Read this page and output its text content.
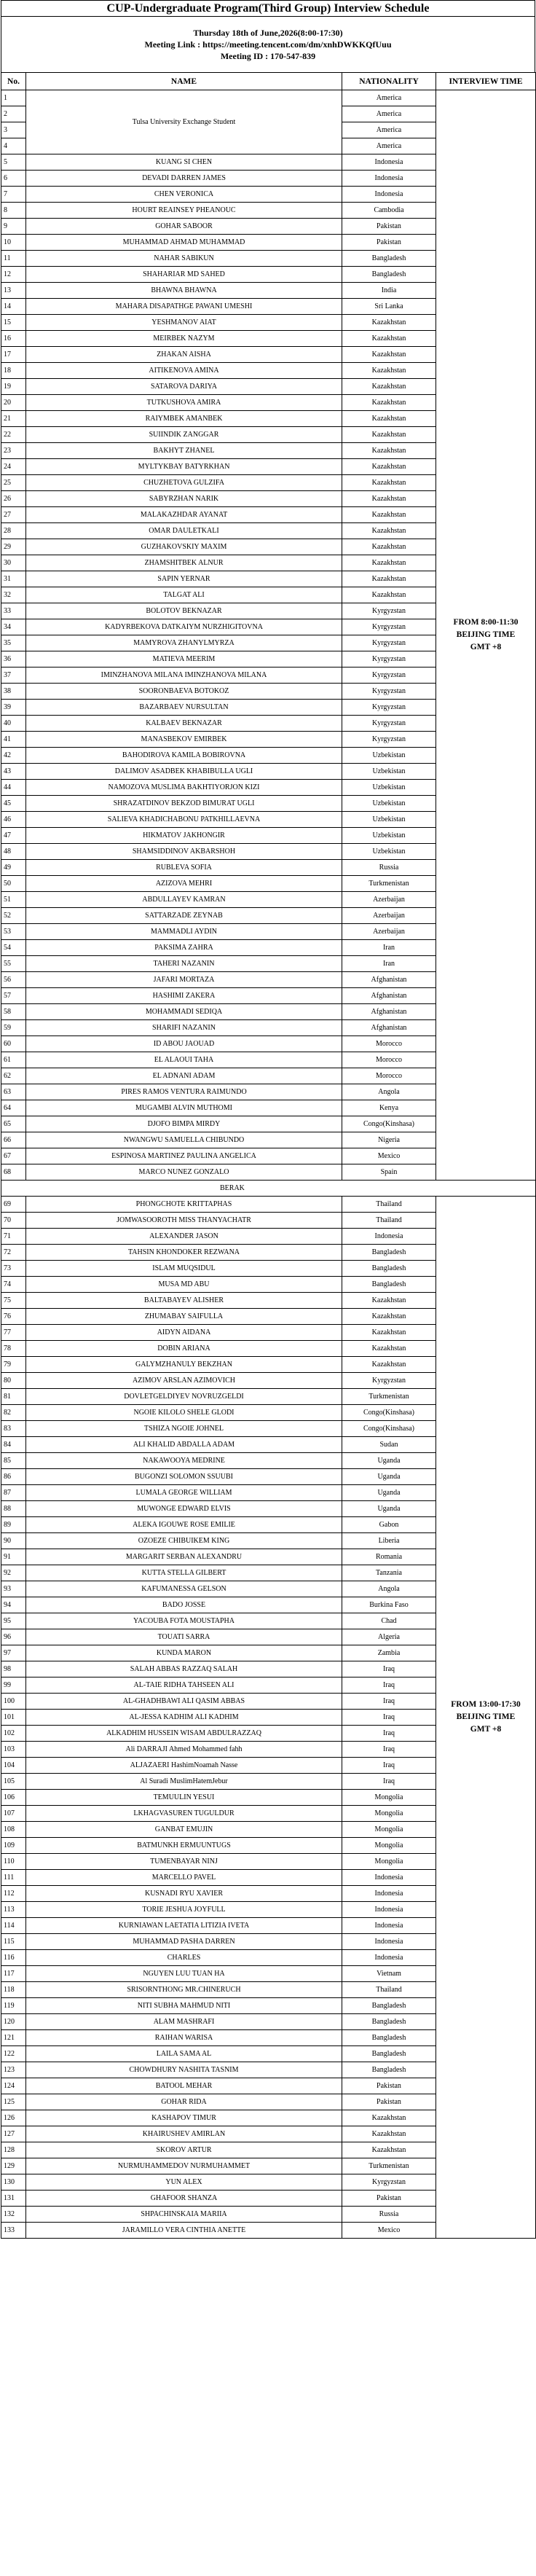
CUP-Undergraduate Program(Third Group) Interview Schedule
Thursday 18th of June,2026(8:00-17:30)
Meeting Link : https://meeting.tencent.com/dm/xnhDWKKQfUuu
Meeting ID : 170-547-839
No.	NAME	NATIONALITY	INTERVIEW TIME
1	Tulsa University Exchange Student	America	FROM 8:00-11:30
BEIJING TIME
GMT +8

2		America	
3		America	
4		America	
5	KUANG SI CHEN	Indonesia	
6	DEVADI DARREN JAMES	Indonesia	
7	CHEN VERONICA	Indonesia	
8	HOURT REAINSEY PHEANOUC	Cambodia	
9	GOHAR SABOOR	Pakistan	
10	MUHAMMAD AHMAD MUHAMMAD	Pakistan	
11	NAHAR SABIKUN	Bangladesh	
12	SHAHARIAR MD SAHED	Bangladesh	
13	BHAWNA BHAWNA	India	
14	MAHARA DISAPATHGE PAWANI UMESHI	Sri Lanka	
15	YESHMANOV AIAT	Kazakhstan	
16	MEIRBEK NAZYM	Kazakhstan	
17	ZHAKAN AISHA	Kazakhstan	
18	AITIKENOVA AMINA	Kazakhstan	
19	SATAROVA DARIYA	Kazakhstan	
20	TUTKUSHOVA AMIRA	Kazakhstan	
21	RAIYMBEK AMANBEK	Kazakhstan	
22	SUIINDIK ZANGGAR	Kazakhstan	
23	BAKHYT ZHANEL	Kazakhstan	
24	MYLTYKBAY BATYRKHAN	Kazakhstan	
25	CHUZHETOVA GULZIFA	Kazakhstan	
26	SABYRZHAN NARIK	Kazakhstan	
27	MALAKAZHDAR AYANAT	Kazakhstan	
28	OMAR DAULETKALI	Kazakhstan	
29	GUZHAKOVSKIY MAXIM	Kazakhstan	
30	ZHAMSHITBEK ALNUR	Kazakhstan	
31	SAPIN YERNAR	Kazakhstan	
32	TALGAT ALI	Kazakhstan	
33	BOLOTOV BEKNAZAR	Kyrgyzstan	
34	KADYRBEKOVA DATKAIYM NURZHIGITOVNA	Kyrgyzstan	
35	MAMYROVA ZHANYLMYRZA	Kyrgyzstan	
36	MATIEVA MEERIM	Kyrgyzstan	
37	IMINZHANOVA MILANA IMINZHANOVA MILANA	Kyrgyzstan	
38	SOORONBAEVA BOTOKOZ	Kyrgyzstan	
39	BAZARBAEV NURSULTAN	Kyrgyzstan	
40	KALBAEV BEKNAZAR	Kyrgyzstan	
41	MANASBEKOV EMIRBEK	Kyrgyzstan	
42	BAHODIROVA KAMILA BOBIROVNA	Uzbekistan	
43	DALIMOV ASADBEK KHABIBULLA UGLI	Uzbekistan	
44	NAMOZOVA MUSLIMA BAKHTIYORJON KIZI	Uzbekistan	
45	SHRAZATDINOV BEKZOD BIMURAT UGLI	Uzbekistan	
46	SALIEVA KHADICHABONU PATKHILLAEVNA	Uzbekistan	
47	HIKMATOV JAKHONGIR	Uzbekistan	
48	SHAMSIDDINOV AKBARSHOH	Uzbekistan	
49	RUBLEVA SOFIA	Russia	
50	AZIZOVA MEHRI	Turkmenistan	
51	ABDULLAYEV KAMRAN	Azerbaijan	
52	SATTARZADE ZEYNAB	Azerbaijan	
53	MAMMADLI AYDIN	Azerbaijan	
54	PAKSIMA ZAHRA	Iran	
55	TAHERI NAZANIN	Iran	
56	JAFARI MORTAZA	Afghanistan	
57	HASHIMI ZAKERA	Afghanistan	
58	MOHAMMADI SEDIQA	Afghanistan	
59	SHARIFI NAZANIN	Afghanistan	
60	ID ABOU JAOUAD	Morocco	
61	EL ALAOUI TAHA	Morocco	
62	EL ADNANI ADAM	Morocco	
63	PIRES RAMOS VENTURA RAIMUNDO	Angola	
64	MUGAMBI ALVIN MUTHOMI	Kenya	
65	DJOFO BIMPA MIRDY	Congo(Kinshasa)	
66	NWANGWU SAMUELLA CHIBUNDO	Nigeria	
67	ESPINOSA MARTINEZ PAULINA ANGELICA	Mexico	
68	MARCO NUNEZ GONZALO	Spain	
BERAK			
69	PHONGCHOTE KRITTAPHAS	Thailand	FROM 13:00-17:30
BEIJING TIME
GMT +8

70	JOMWASOOROTH MISS THANYACHATR	Thailand	
71	ALEXANDER JASON	Indonesia	
72	TAHSIN KHONDOKER REZWANA	Bangladesh	
73	ISLAM MUQSIDUL	Bangladesh	
74	MUSA MD ABU	Bangladesh	
75	BALTABAYEV ALISHER	Kazakhstan	
76	ZHUMABAY SAIFULLA	Kazakhstan	
77	AIDYN AIDANA	Kazakhstan	
78	DOBIN ARIANA	Kazakhstan	
79	GALYMZHANULY BEKZHAN	Kazakhstan	
80	AZIMOV ARSLAN AZIMOVICH	Kyrgyzstan	
81	DOVLETGELDIYEV NOVRUZGELDI	Turkmenistan	
82	NGOIE KILOLO SHELE GLODI	Congo(Kinshasa)	
83	TSHIZA NGOIE JOHNEL	Congo(Kinshasa)	
84	ALI KHALID ABDALLA ADAM	Sudan	
85	NAKAWOOYA MEDRINE	Uganda	
86	BUGONZI SOLOMON SSUUBI	Uganda	
87	LUMALA GEORGE WILLIAM	Uganda	
88	MUWONGE EDWARD ELVIS	Uganda	
89	ALEKA IGOUWE ROSE EMILIE	Gabon	
90	OZOEZE CHIBUIKEM KING	Liberia	
91	MARGARIT SERBAN ALEXANDRU	Romania	
92	KUTTA STELLA GILBERT	Tanzania	
93	KAFUMANESSA GELSON	Angola	
94	BADO JOSSE	Burkina Faso	
95	YACOUBA FOTA MOUSTAPHA	Chad	
96	TOUATI SARRA	Algeria	
97	KUNDA MARON	Zambia	
98	SALAH ABBAS RAZZAQ SALAH	Iraq	
99	AL-TAIE RIDHA TAHSEEN ALI	Iraq	
100	AL-GHADHBAWI ALI QASIM ABBAS	Iraq	
101	AL-JESSA KADHIM ALI KADHIM	Iraq	
102	ALKADHIM HUSSEIN WISAM ABDULRAZZAQ	Iraq	
103	Ali DARRAJI Ahmed Mohammed fahh	Iraq	
104	ALJAZAERI HashimNoamah Nasse	Iraq	
105	Al Suradi MuslimHatemJebur	Iraq	
106	TEMUULIN YESUI	Mongolia	
107	LKHAGVASUREN TUGULDUR	Mongolia	
108	GANBAT EMUJIN	Mongolia	
109	BATMUNKH ERMUUNTUGS	Mongolia	
110	TUMENBAYAR NINJ	Mongolia	
111	MARCELLO PAVEL	Indonesia	
112	KUSNADI RYU XAVIER	Indonesia	
113	TORIE JESHUA JOYFULL	Indonesia	
114	KURNIAWAN LAETATIA LITIZIA IVETA	Indonesia	
115	MUHAMMAD PASHA DARREN	Indonesia	
116	CHARLES	Indonesia	
117	NGUYEN LUU TUAN HA	Vietnam	
118	SRISORNTHONG MR.CHINERUCH	Thailand	
119	NITI SUBHA MAHMUD NITI	Bangladesh	
120	ALAM MASHRAFI	Bangladesh	
121	RAIHAN WARISA	Bangladesh	
122	LAILA SAMA AL	Bangladesh	
123	CHOWDHURY NASHITA TASNIM	Bangladesh	
124	BATOOL MEHAR	Pakistan	
125	GOHAR RIDA	Pakistan	
126	KASHAPOV TIMUR	Kazakhstan	
127	KHAIRUSHEV AMIRLAN	Kazakhstan	
128	SKOROV ARTUR	Kazakhstan	
129	NURMUHAMMEDOV NURMUHAMMET	Turkmenistan	
130	YUN ALEX	Kyrgyzstan	
131	GHAFOOR SHANZA	Pakistan	
132	SHPACHINSKAIA MARIIA	Russia	
133	JARAMILLO VERA CINTHIA ANETTE	Mexico	
